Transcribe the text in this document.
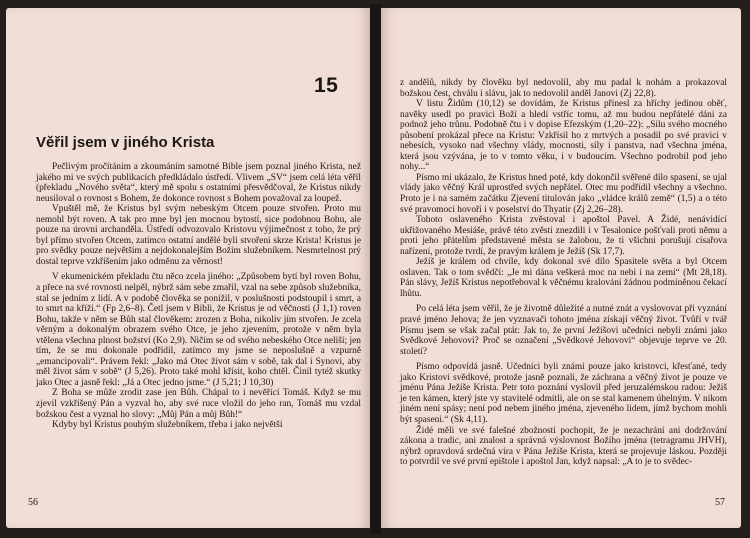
15
Věřil jsem v jiného Krista

Pečlivým pročítáním a zkoumáním samotné Bible jsem poznal jiného Krista, než jakého mi ve svých publikacích předkládalo ústředí. Vlivem „SV“ jsem celá léta věřil (překladu „Nového světa“, který mě spolu s ostatními přesvědčoval, že Kristus nikdy neusiloval o rovnost s Bohem, že dokonce rovnost s Bohem považoval za loupež.

Vpuštěl mě, že Kristus byl svým nebeským Otcem pouze stvořen. Proto mu nemohl být roven. A tak pro mne byl jen mocnou bytostí, sice podobnou Bohu, ale pouze na úrovni archanděla. Ústředí odvozovalo Kristovu výjimečnost z toho, že prý byl přímo stvořen Otcem, zatímco ostatní andělé byli stvořeni skrze Krista! Kristus je pro svědky pouze největším a nejdokonalejším Božím služebníkem. Nesmrtelnost prý dostal teprve vzkříšením jako odměnu za věrnost!

V ekumenickém překladu čtu něco zcela jiného: „Způsobem bytí byl roven Bohu, a přece na své rovnosti nelpěl, nýbrž sám sebe zmařil, vzal na sebe způsob služebníka, stal se jedním z lidí. A v podobě člověka se ponížil, v poslušnosti podstoupil i smrt, a to smrt na kříži.“ (Fp 2,6–8). Četl jsem v Bibli, že Kristus je od věčnosti (J 1,1) roven Bohu, takže v něm se Bůh stal člověkem: zrozen z Boha, nikoliv jím stvořen. Je zcela věrným a dokonalým obrazem svého Otce, je jeho zjevením, protože v něm byla vtělena všechna plnost božství (Ko 2,9). Ničím se od svého nebeského Otce neliší; jen tím, že se mu dokonale podřídil, zatímco my jsme se neposlušně a vzpurně „emancipovali“. Právem řekl: „Jako má Otec život sám v sobě, tak dal i Synovi, aby měl život sám v sobě“ (J 5,26). Proto také mohl křísit, koho chtěl. Činil tytéž skutky jako Otec a jasně řekl: „Já a Otec jedno jsme.“ (J 5,21; J 10,30)

Z Boha se může zrodit zase jen Bůh. Chápal to i nevěřící Tomáš. Když se mu zjevil vzkříšený Pán a vyzval ho, aby své ruce vložil do jeho ran, Tomáš mu vzdal božskou čest a vyznal ho slovy: „Můj Pán a můj Bůh!“

Kdyby byl Kristus pouhým služebníkem, třeba i jako největší

56

z andělů, nikdy by člověku byl nedovolil, aby mu padal k nohám a prokazoval božskou čest, chválu i slávu, jak to nedovolil anděl Janovi (Zj 22,8).

V listu Židům (10,12) se dovídám, že Kristus přinesl za hříchy jedinou oběť, navěky usedl po pravici Boží a hledí vstříc tomu, až mu budou nepřátelé dáni za podnož jeho trůnu. Podobně čtu i v dopise Efezským (1,20–22): „Silu svého mocného působení prokázal přece na Kristu: Vzkřísil ho z mrtvých a posadil po své pravici v nebesích, vysoko nad všechny vlády, mocnosti, síly i panstva, nad všechna jména, která jsou vzývána, je to v tomto věku, i v budoucím. Všechno podrobil pod jeho nohy...“

Písmo mi ukázalo, že Kristus hned poté, kdy dokončil svěřené dílo spasení, se ujal vlády jako věčný Král uprostřed svých nepřátel. Otec mu podřídil všechny a všechno. Proto je i na samém začátku Zjevení titulován jako „vládce králů země“ (1,5) a o této své pravomoci hovoří i v poselství do Thyatir (Zj 2,26–28).

Tohoto oslaveného Krista zvěstoval i apoštol Pavel. A Židé, nenávidící ukřižovaného Mesiáše, právě této zvěsti znezdili i v Tesalonice pošťvali proti němu a proti jeho přátelům představené města se žalobou, že ti všichni porušují císařova nařízení, protože tvrdí, že pravým králem je Ježíš (Sk 17,7).

Ježíš je králem od chvíle, kdy dokonal své dílo Spasitele světa a byl Otcem oslaven. Tak o tom svědčí: „Je mi dána veškerá moc na nebi i na zemi“ (Mt 28,18). Pán slávy, Ježíš Kristus nepotřeboval k věčnému kralování žádnou podmíněnou čekací lhůtu.

Po celá léta jsem věřil, že je životně důležité a nutné znát a vyslovovat při vyznání pravé jméno Jehova; že jen vyznavači tohoto jména získají věčný život. Tvůří v tvář Písmu jsem se však začal ptát: Jak to, že první Ježíšovi učedníci nebyli známi jako Svědkové Jehovovi? Proč se označení „Svědkové Jehovovi“ objevuje teprve ve 20. století?

Písmo odpovídá jasně. Učedníci byli známi pouze jako kristovci, křesťané, tedy jako Kristovi svědkové, protože jasně poznali, že záchrana a věčný život je pouze ve jménu Pána Ježíše Krista. Petr toto poznání vyslovil před jeruzalémskou radou: Ježíš je ten kámen, který jste vy stavitelé odmítli, ale on se stal kamenem úhelným. V nikom jiném není spásy; není pod nebem jiného jména, zjeveného lidem, jímž bychom mohli být spaseni.“ (Sk 4,11).

Židé měli ve své falešné zbožnosti pochopit, že je nezachrání ani dodržování zákona a tradic, ani znalost a správná výslovnost Božího jména (tetragramu JHVH), nýbrž opravdová srdečná víra v Pána Ježíše Krista, která se projevuje láskou. Později to potvrdil ve své první epištole i apoštol Jan, když napsal: „A to je to svědec-

57
